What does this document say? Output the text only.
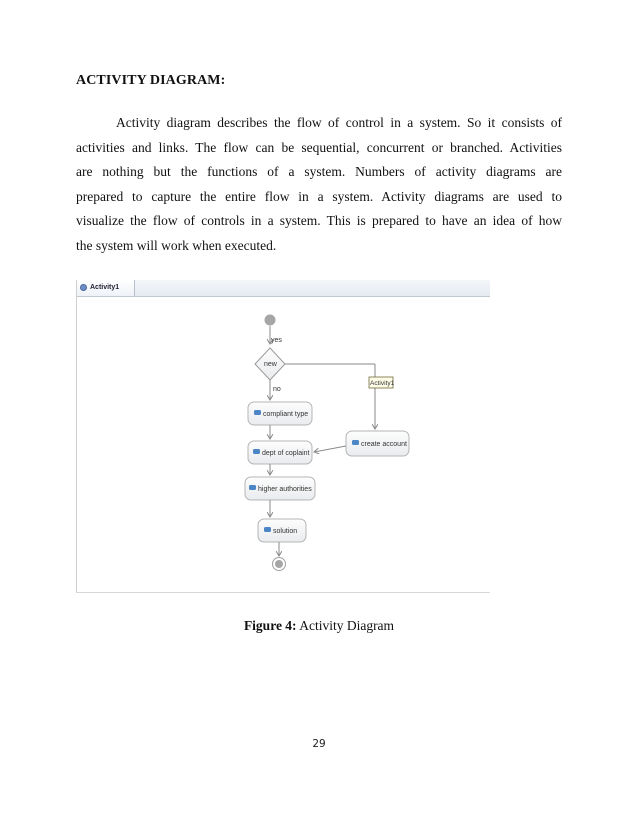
ACTIVITY DIAGRAM:
Activity diagram describes the flow of control in a system. So it consists of
activities and links. The flow can be sequential, concurrent or branched. Activities
are nothing but the functions of a system. Numbers of activity diagrams are
prepared to capture the entire flow in a system. Activity diagrams are used to
visualize the flow of controls in a system. This is prepared to have an idea of how
the system will work when executed.
Activity1
yes
new
Activity1
no
compliant type
create account
dept of coplaint
higher authorities
solution
Figure 4: Activity Diagram
29
